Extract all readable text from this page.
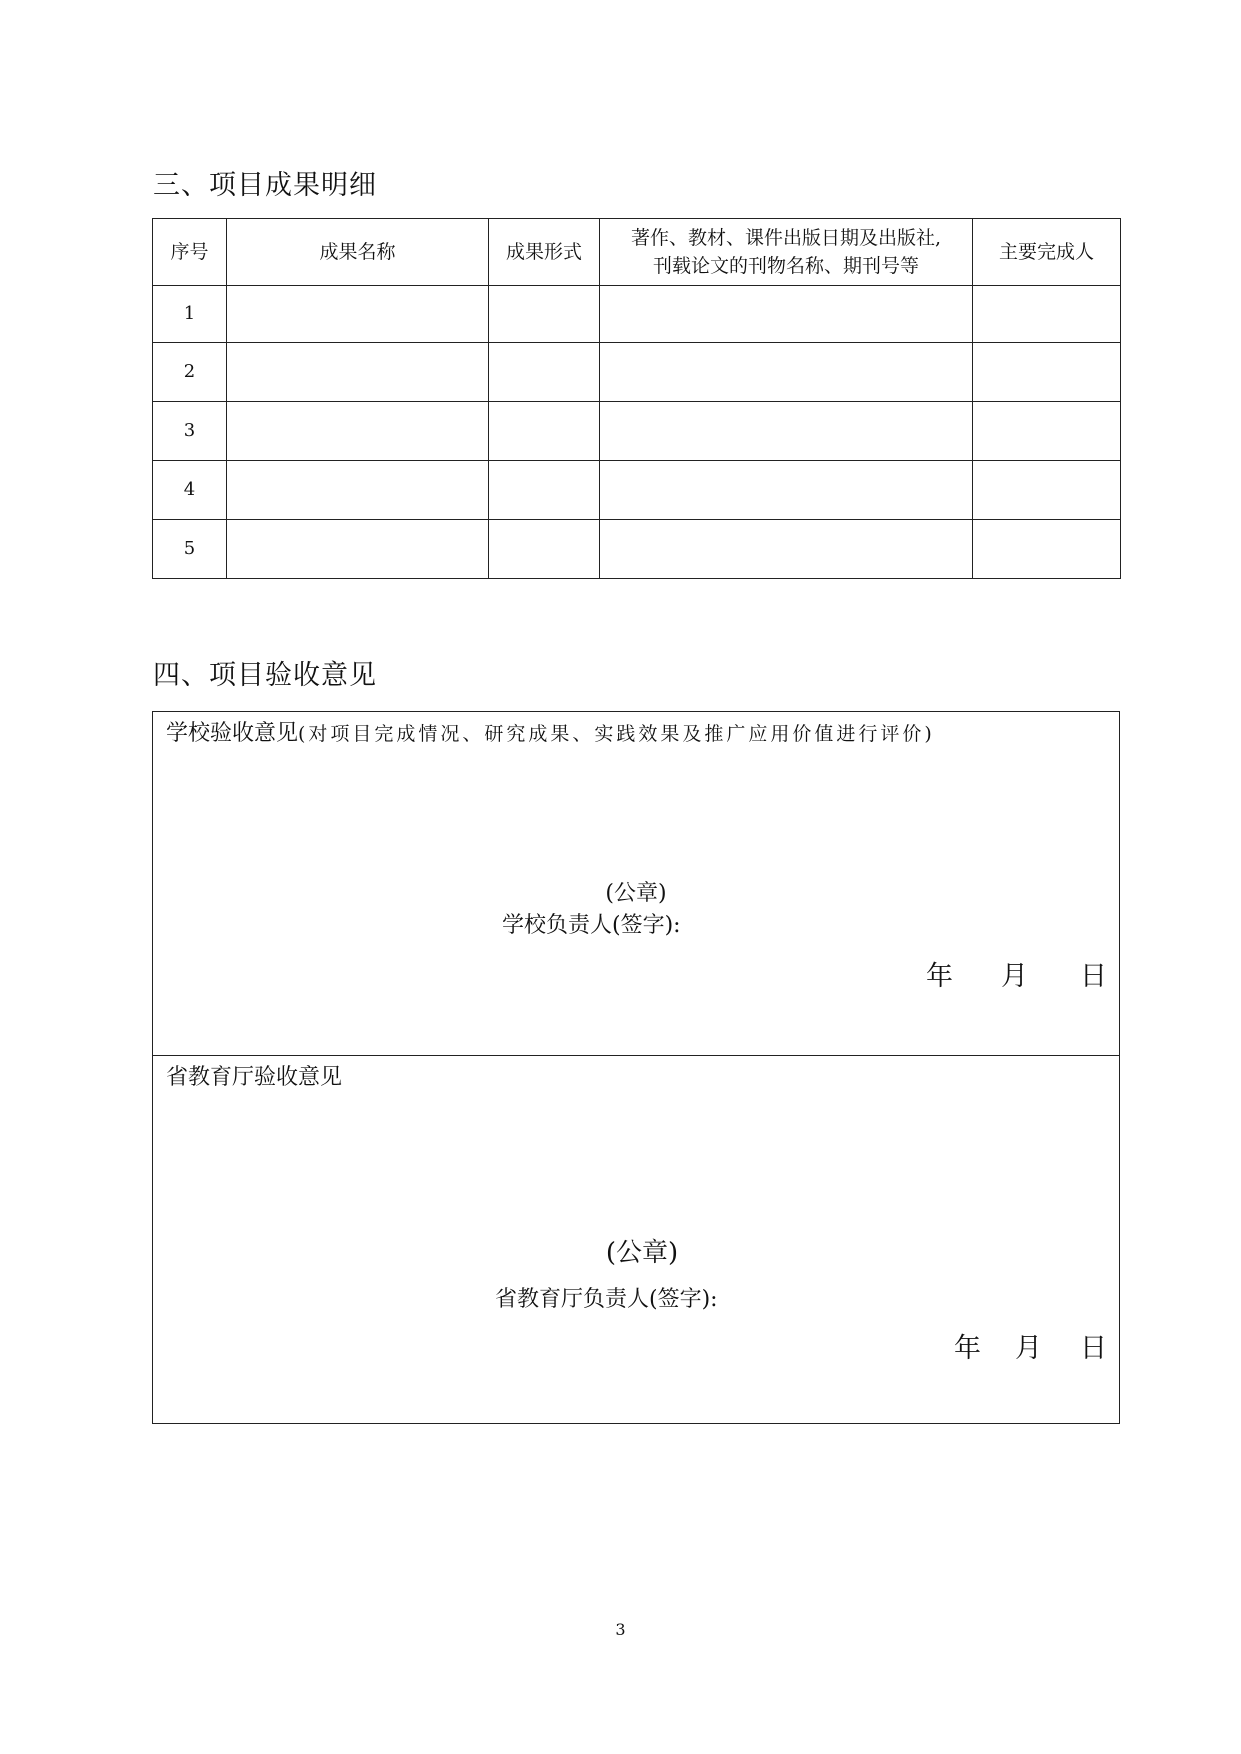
三、项目成果明细
序号	成果名称	成果形式	著作、教材、课件出版日期及出版社,
刊载论文的刊物名称、期刊号等	主要完成人
1				
2				
3				
4				
5				
四、项目验收意见
学校验收意见(对项目完成情况、研究成果、实践效果及推广应用价值进行评价)
(公章)
学校负责人(签字):
年 月 日
省教育厅验收意见
(公章)
省教育厅负责人(签字):
年 月 日
3
